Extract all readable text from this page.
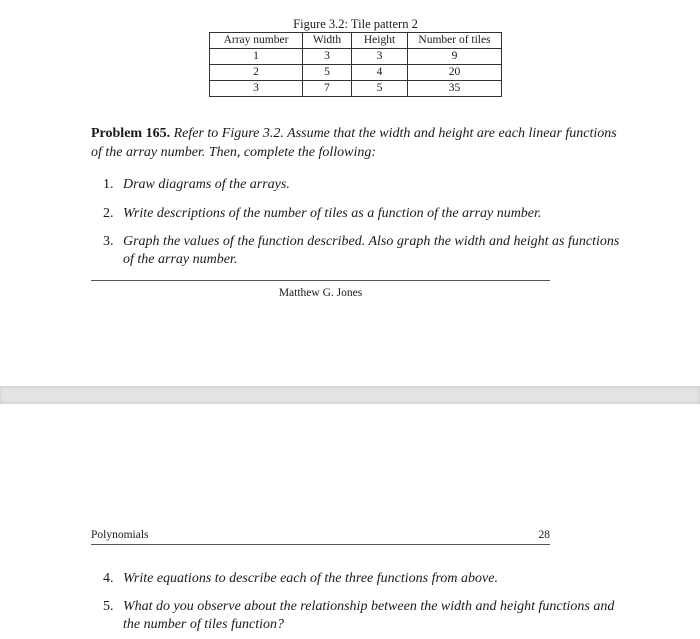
Figure 3.2: Tile pattern 2
Array number	Width	Height	Number of tiles
1	3	3	9
2	5	4	20
3	7	5	35
Problem 165. Refer to Figure 3.2. Assume that the width and height are each linear functions of the array number. Then, complete the following:
1. Draw diagrams of the arrays.
2. Write descriptions of the number of tiles as a function of the array number.
3. Graph the values of the function described. Also graph the width and height as functions of the array number.
Matthew G. Jones
Polynomials	28
4. Write equations to describe each of the three functions from above.
5. What do you observe about the relationship between the width and height functions and the number of tiles function?
